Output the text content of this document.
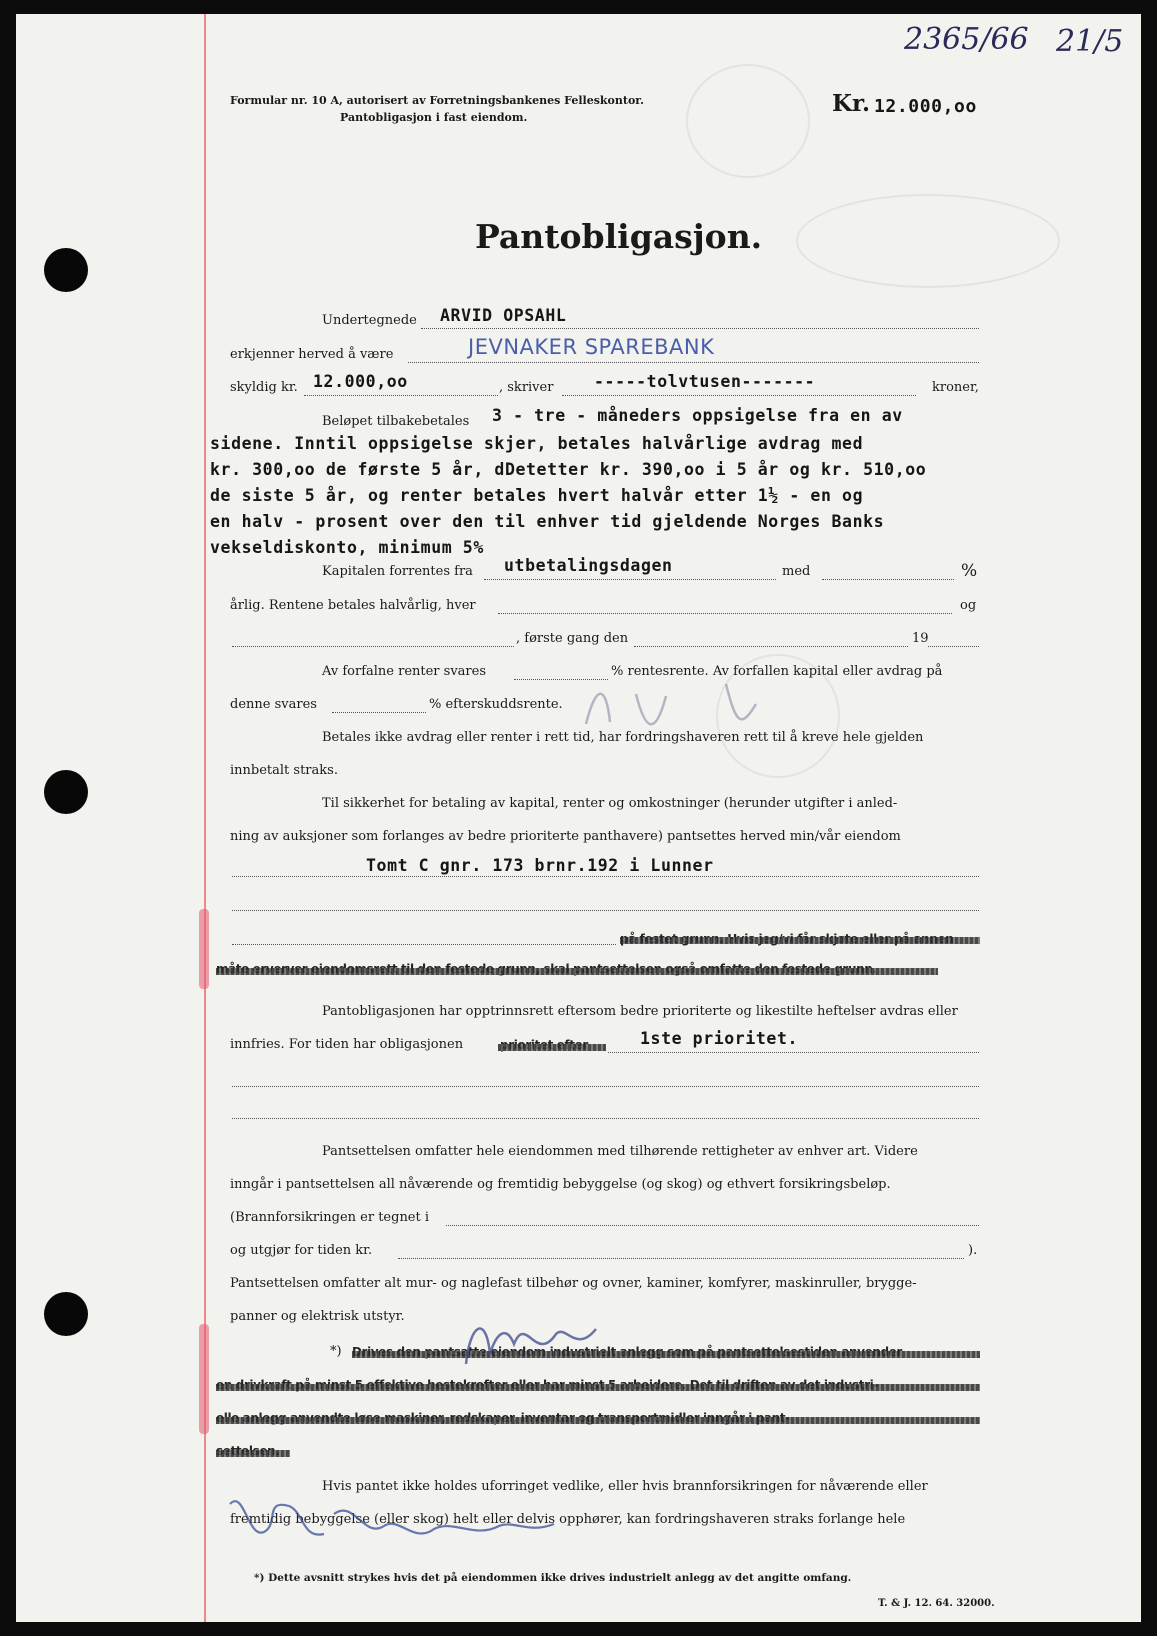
Formular nr. 10 A, autorisert av Forretningsbankenes Felleskontor.
Pantobligasjon i fast eiendom.
Kr. 12.000,oo
2365/66 21/5
Pantobligasjon.
Undertegnede ARVID OPSAHL
erkjenner herved å være	JEVNAKER SPAREBANK
skyldig kr. 12.000,oo	, skriver -----tolvtusen-------	kroner,
Beløpet tilbakebetales 3 - tre - måneders oppsigelse fra en av
sidene. Inntil oppsigelse skjer, betales halvårlige avdrag med
kr. 300,oo de første 5 år, dDetetter kr. 390,oo i 5 år og kr. 510,oo
de siste 5 år, og renter betales hvert halvår etter 1½ - en og
en halv - prosent over den til enhver tid gjeldende Norges Banks
vekseldiskonto, minimum 5%
Kapitalen forrentes fra utbetalingsdagen	med	%
årlig. Rentene betales halvårlig, hver	og
, første gang den	19
Av forfalne renter svares	% rentesrente. Av forfallen kapital eller avdrag på
denne svares	% efterskuddsrente.
Betales ikke avdrag eller renter i rett tid, har fordringshaveren rett til å kreve hele gjelden
innbetalt straks.
Til sikkerhet for betaling av kapital, renter og omkostninger (herunder utgifter i anled-
ning av auksjoner som forlanges av bedre prioriterte panthavere) pantsettes herved min/vår eiendom
Tomt C gnr. 173 brnr.192 i Lunner
Pantobligasjonen har opptrinnsrett eftersom bedre prioriterte og likestilte heftelser avdras eller
innfries. For tiden har obligasjonen	1ste prioritet.
Pantsettelsen omfatter hele eiendommen med tilhørende rettigheter av enhver art. Videre
inngår i pantsettelsen all nåværende og fremtidig bebyggelse (og skog) og ethvert forsikringsbeløp.
(Brannforsikringen er tegnet i
og utgjør for tiden kr.	).
Pantsettelsen omfatter alt mur- og naglefast tilbehør og ovner, kaminer, komfyrer, maskinruller, brygge-
panner og elektrisk utstyr.
*)
Hvis pantet ikke holdes uforringet vedlike, eller hvis brannforsikringen for nåværende eller
fremtidig bebyggelse (eller skog) helt eller delvis opphører, kan fordringshaveren straks forlange hele
*) Dette avsnitt strykes hvis det på eiendommen ikke drives industrielt anlegg av det angitte omfang.
T. & J. 12. 64. 32000.
